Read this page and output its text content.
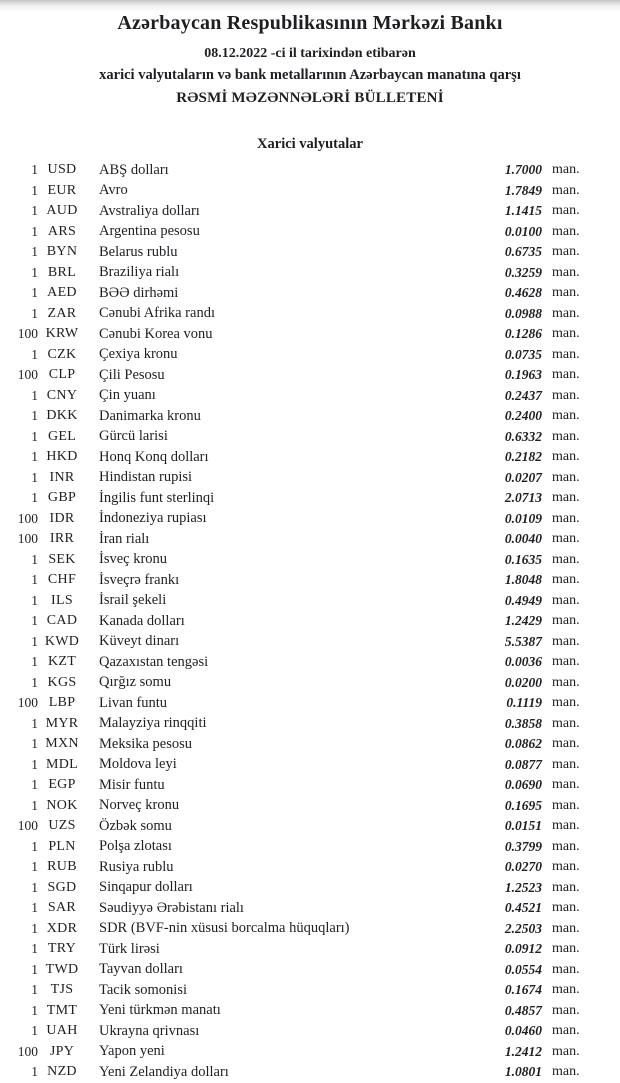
Azərbaycan Respublikasının Mərkəzi Bankı
08.12.2022 -ci il tarixindən etibarən
xarici valyutaların və bank metallarının Azərbaycan manatına qarşı
RƏSMİ MƏZƏNNƏLƏRİ BÜLLETENİ
Xarici valyutalar
1 USD	ABŞ dolları	1.7000 man.
1 EUR	Avro	1.7849 man.
1 AUD	Avstraliya dolları	1.1415 man.
1 ARS	Argentina pesosu	0.0100 man.
1 BYN	Belarus rublu	0.6735 man.
1 BRL	Braziliya rialı	0.3259 man.
1 AED	BƏƏ dirhəmi	0.4628 man.
1 ZAR	Cənubi Afrika randı	0.0988 man.
100 KRW	Cənubi Korea vonu	0.1286 man.
1 CZK	Çexiya kronu	0.0735 man.
100 CLP	Çili Pesosu	0.1963 man.
1 CNY	Çin yuanı	0.2437 man.
1 DKK	Danimarka kronu	0.2400 man.
1 GEL	Gürcü larisi	0.6332 man.
1 HKD	Honq Konq dolları	0.2182 man.
1 INR	Hindistan rupisi	0.0207 man.
1 GBP	İngilis funt sterlinqi	2.0713 man.
100 IDR	İndoneziya rupiası	0.0109 man.
100 IRR	İran rialı	0.0040 man.
1 SEK	İsveç kronu	0.1635 man.
1 CHF	İsveçrə frankı	1.8048 man.
1 ILS	İsrail şekeli	0.4949 man.
1 CAD	Kanada dolları	1.2429 man.
1 KWD	Küveyt dinarı	5.5387 man.
1 KZT	Qazaxıstan tengəsi	0.0036 man.
1 KGS	Qırğız somu	0.0200 man.
100 LBP	Livan funtu	0.1119 man.
1 MYR	Malayziya rinqqiti	0.3858 man.
1 MXN	Meksika pesosu	0.0862 man.
1 MDL	Moldova leyi	0.0877 man.
1 EGP	Misir funtu	0.0690 man.
1 NOK	Norveç kronu	0.1695 man.
100 UZS	Özbək somu	0.0151 man.
1 PLN	Polşa zlotası	0.3799 man.
1 RUB	Rusiya rublu	0.0270 man.
1 SGD	Sinqapur dolları	1.2523 man.
1 SAR	Səudiyyə Ərəbistanı rialı	0.4521 man.
1 XDR	SDR (BVF-nin xüsusi borcalma hüquqları)	2.2503 man.
1 TRY	Türk lirəsi	0.0912 man.
1 TWD	Tayvan dolları	0.0554 man.
1 TJS	Tacik somonisi	0.1674 man.
1 TMT	Yeni türkmən manatı	0.4857 man.
1 UAH	Ukrayna qrivnası	0.0460 man.
100 JPY	Yapon yeni	1.2412 man.
1 NZD	Yeni Zelandiya dolları	1.0801 man.
